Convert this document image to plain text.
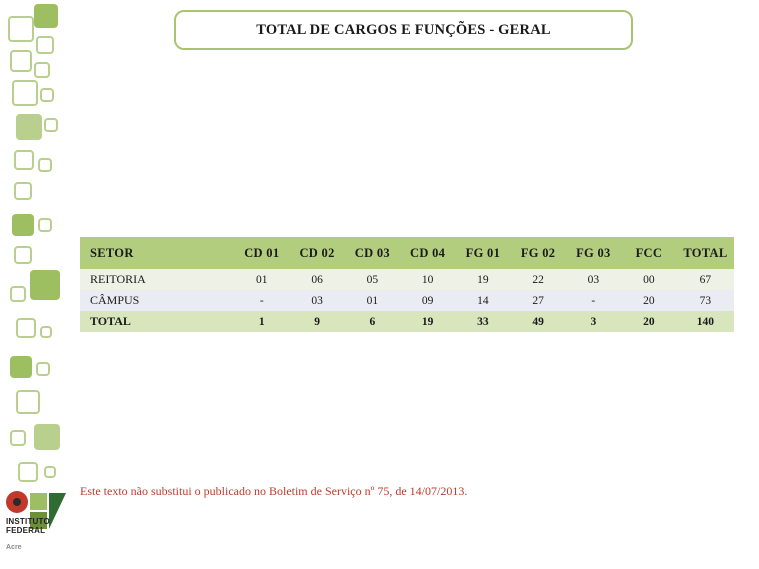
INSTITUTO
FEDERAL
Acre
TOTAL DE CARGOS E FUNÇÕES - GERAL
SETOR	CD 01	CD 02	CD 03	CD 04	FG 01	FG 02	FG 03	FCC	TOTAL
REITORIA	01	06	05	10	19	22	03	00	67
CÂMPUS	-	03	01	09	14	27	-	20	73
TOTAL	1	9	6	19	33	49	3	20	140
Este texto não substitui o publicado no Boletim de Serviço nº 75, de 14/07/2013.
